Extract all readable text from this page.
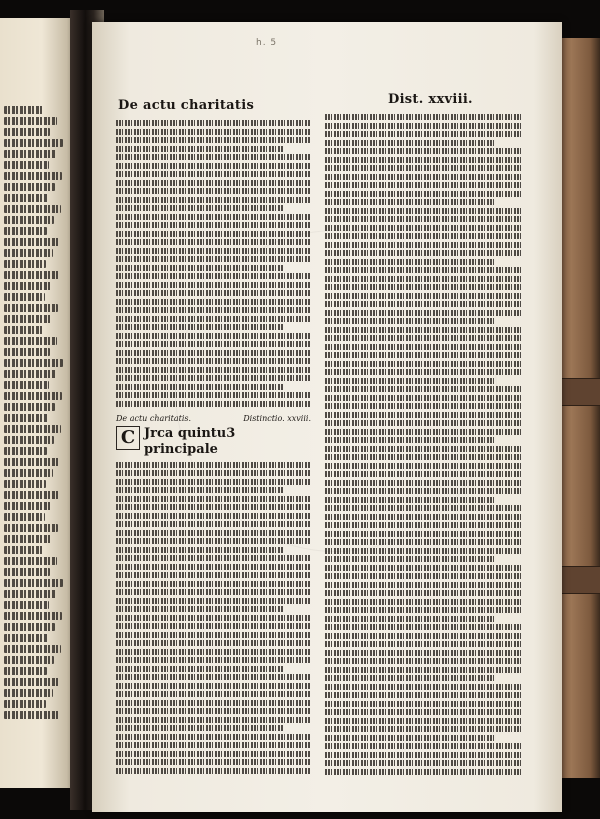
h. 5
De actu charitatis	Dist. xxviii.
De actu charitatis.	Distinctio. xxviii.
C Jrca quintu3 principale
